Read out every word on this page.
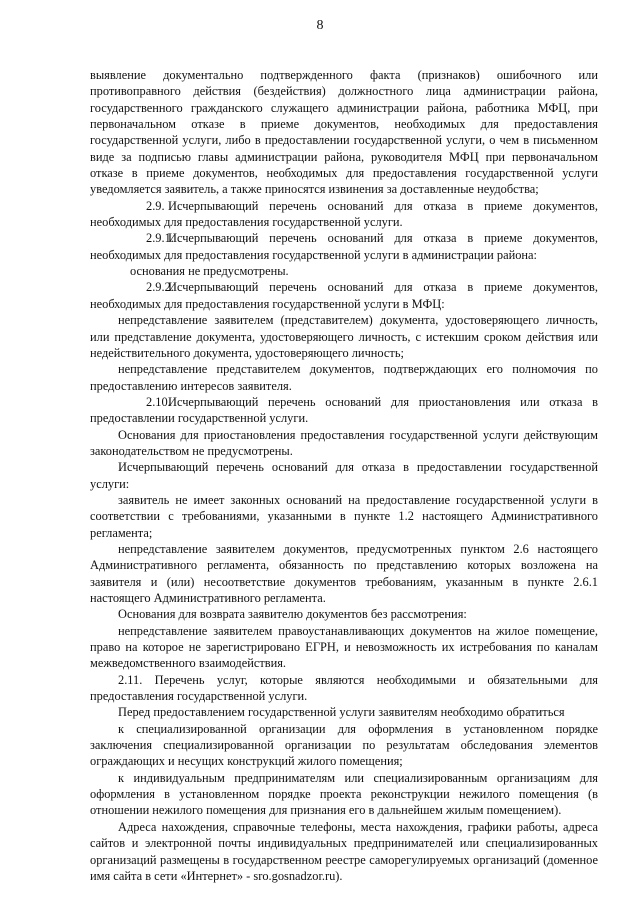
8

выявление документально подтвержденного факта (признаков) ошибочного или противоправного действия (бездействия) должностного лица администрации района, государственного гражданского служащего администрации района, работника МФЦ, при первоначальном отказе в приеме документов, необходимых для предоставления государственной услуги, либо в предоставлении государственной услуги, о чем в письменном виде за подписью главы администрации района, руководителя МФЦ при первоначальном отказе в приеме документов, необходимых для предоставления государственной услуги уведомляется заявитель, а также приносятся извинения за доставленные неудобства;

2.9. Исчерпывающий перечень оснований для отказа в приеме документов, необходимых для предоставления государственной услуги.

2.9.1.Исчерпывающий перечень оснований для отказа в приеме документов, необходимых для предоставления государственной услуги в администрации района:

основания не предусмотрены.

2.9.2.Исчерпывающий перечень оснований для отказа в приеме документов, необходимых для предоставления государственной услуги в МФЦ:

непредставление заявителем (представителем) документа, удостоверяющего личность, или представление документа, удостоверяющего личность, с истекшим сроком действия или недействительного документа, удостоверяющего личность;

непредставление представителем документов, подтверждающих его полномочия по предоставлению интересов заявителя.

2.10.Исчерпывающий перечень оснований для приостановления или отказа в предоставлении государственной услуги.

Основания для приостановления предоставления государственной услуги действующим законодательством не предусмотрены.

Исчерпывающий перечень оснований для отказа в предоставлении государственной услуги:

заявитель не имеет законных оснований на предоставление государственной услуги в соответствии с требованиями, указанными в пункте 1.2 настоящего Административного регламента;

непредставление заявителем документов, предусмотренных пунктом 2.6 настоящего Административного регламента, обязанность по представлению которых возложена на заявителя и (или) несоответствие документов требованиям, указанным в пункте 2.6.1 настоящего Административного регламента.

Основания для возврата заявителю документов без рассмотрения:

непредставление заявителем правоустанавливающих документов на жилое помещение, право на которое не зарегистрировано ЕГРН, и невозможность их истребования по каналам межведомственного взаимодействия.

2.11. Перечень услуг, которые являются необходимыми и обязательными для предоставления государственной услуги.

Перед предоставлением государственной услуги заявителям необходимо обратиться

к специализированной организации для оформления в установленном порядке заключения специализированной организации по результатам обследования элементов ограждающих и несущих конструкций жилого помещения;

к индивидуальным предпринимателям или специализированным организациям для оформления в установленном порядке проекта реконструкции нежилого помещения (в отношении нежилого помещения для признания его в дальнейшем жилым помещением).

Адреса нахождения, справочные телефоны, места нахождения, графики работы, адреса сайтов и электронной почты индивидуальных предпринимателей или специализированных организаций размещены в государственном реестре саморегулируемых организаций (доменное имя сайта в сети «Интернет» - sro.gosnadzor.ru).
